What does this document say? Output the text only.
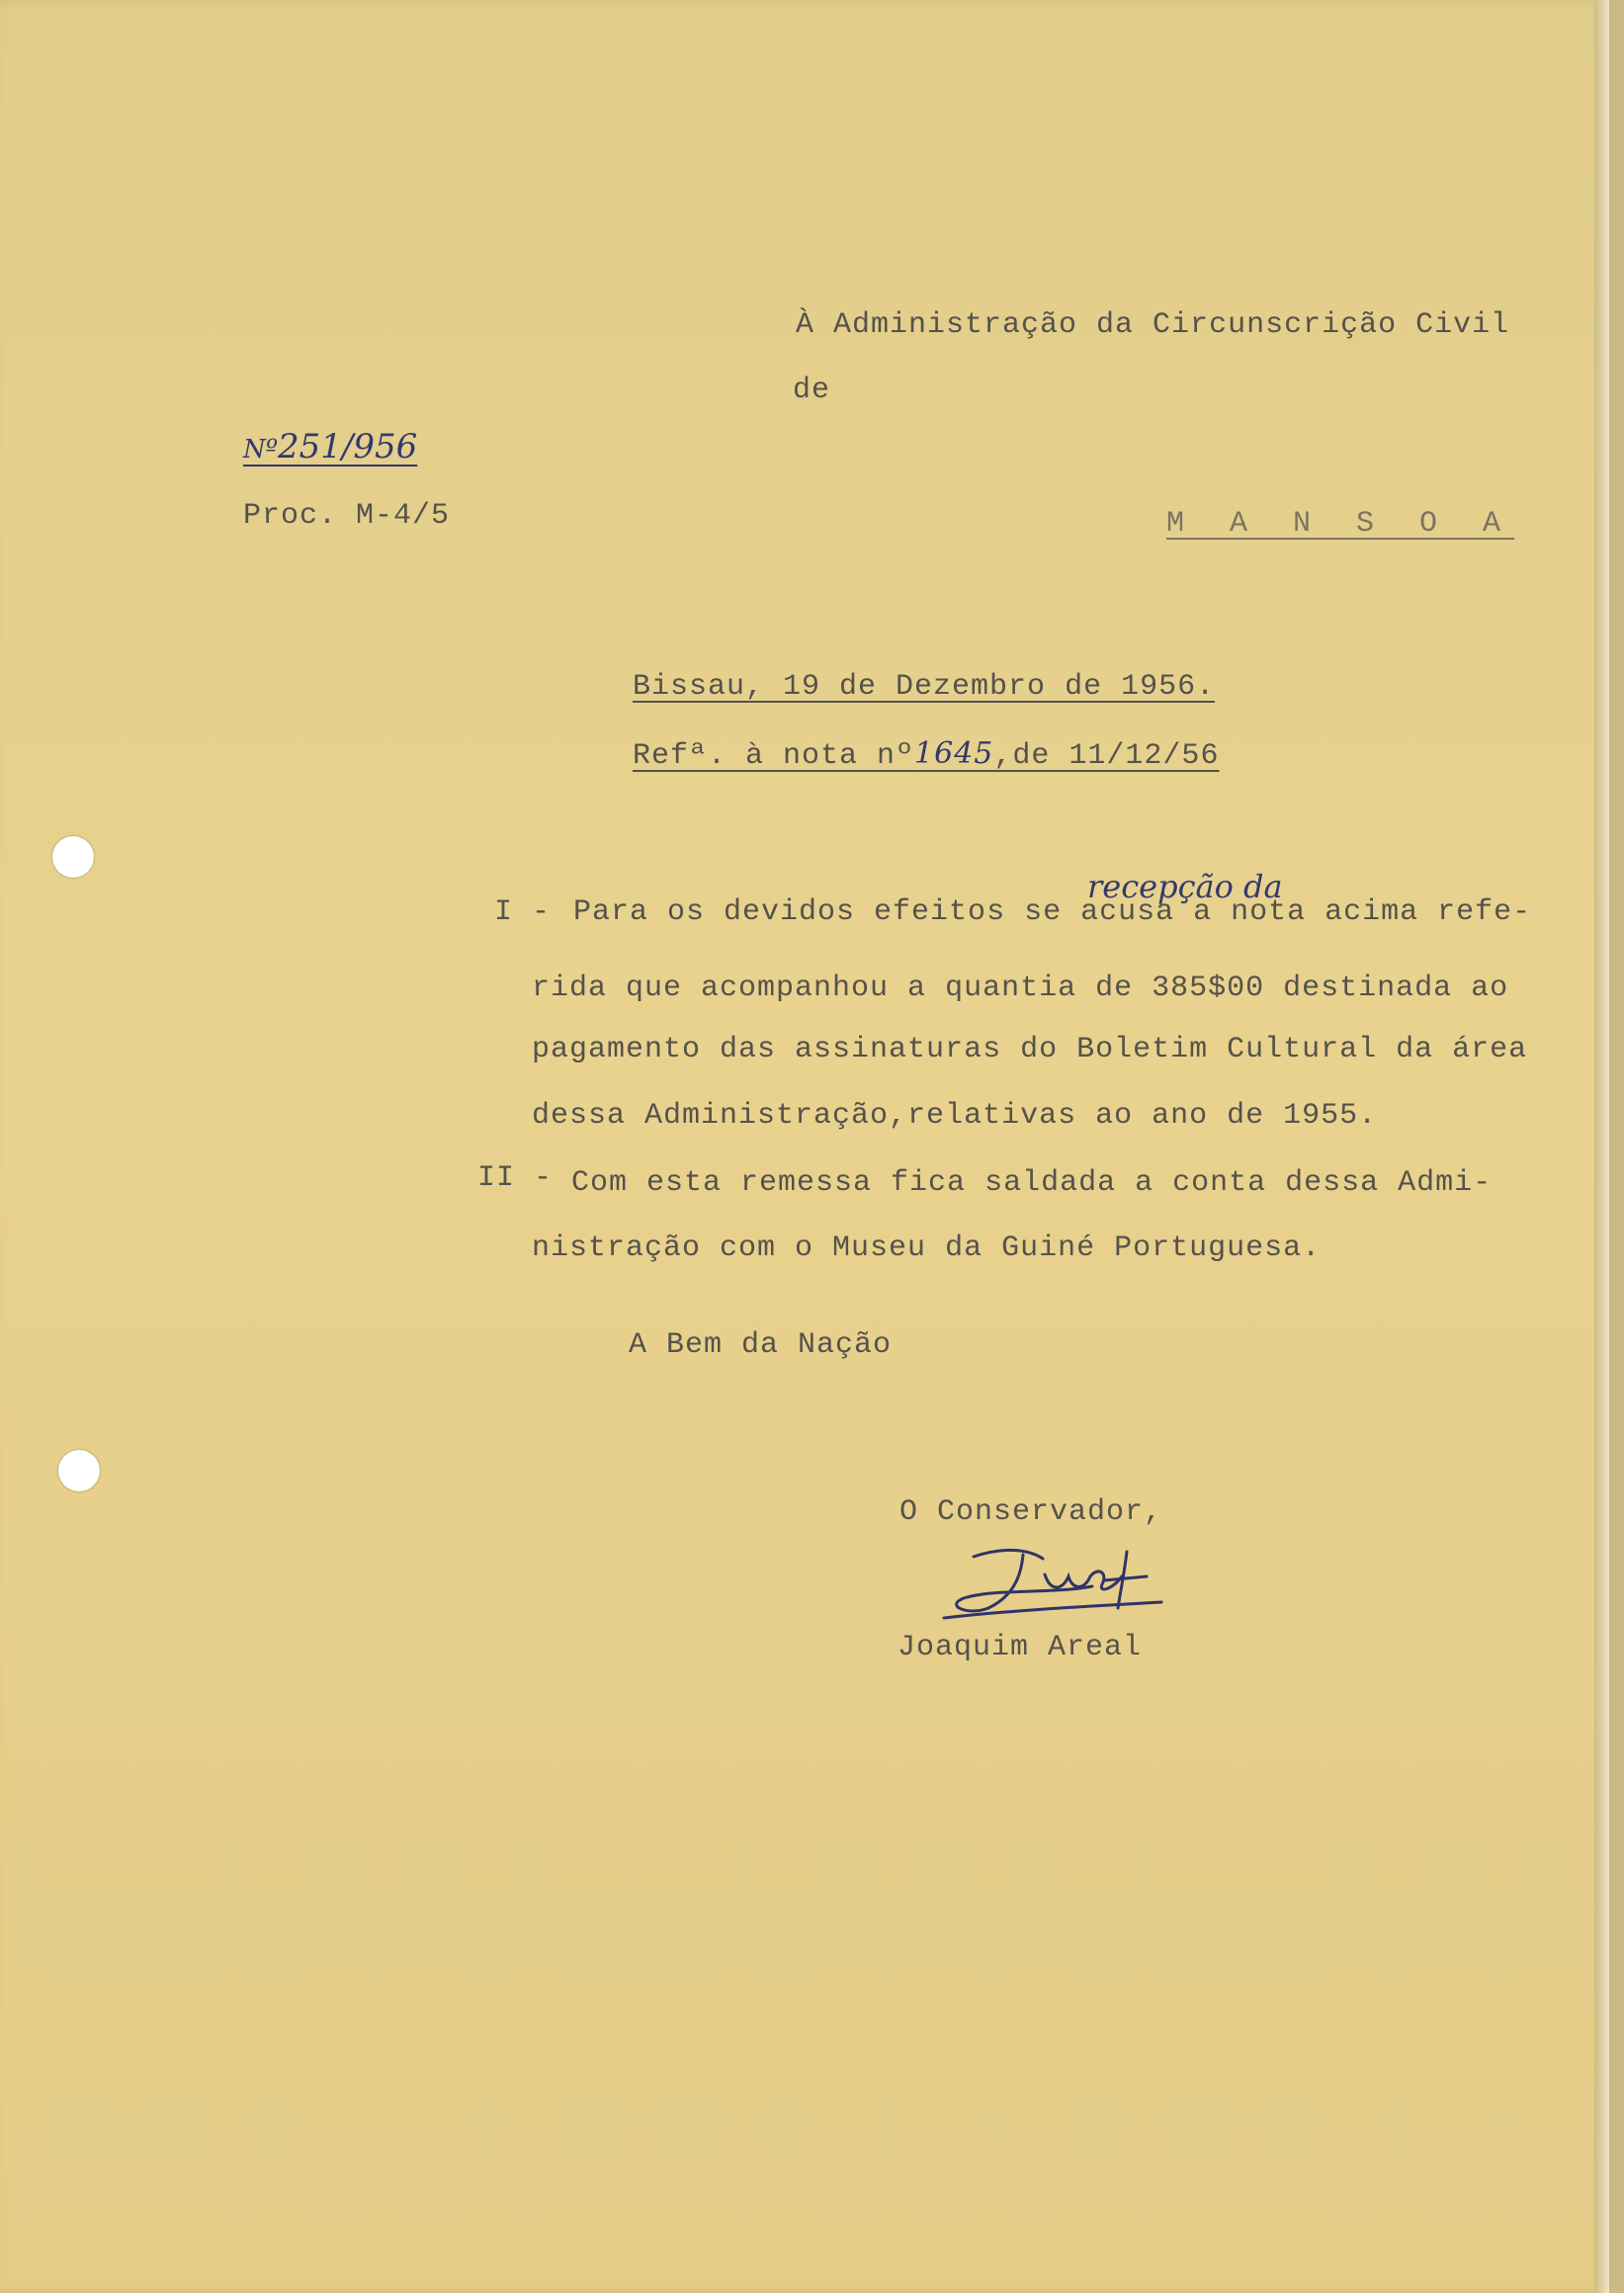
À Administração da Circunscrição Civil
de
M A N S O A
Nº251/956
Proc. M-4/5
Bissau, 19 de Dezembro de 1956.
Refª. à nota nº1645,de 11/12/56
recepção da
I - Para os devidos efeitos se acusa a nota acima refe-
rida que acompanhou a quantia de 385$00 destinada ao
pagamento das assinaturas do Boletim Cultural da área
dessa Administração,relativas ao ano de 1955.
II - Com esta remessa fica saldada a conta dessa Admi-
nistração com o Museu da Guiné Portuguesa.
A Bem da Nação
O Conservador,
Joaquim Areal
